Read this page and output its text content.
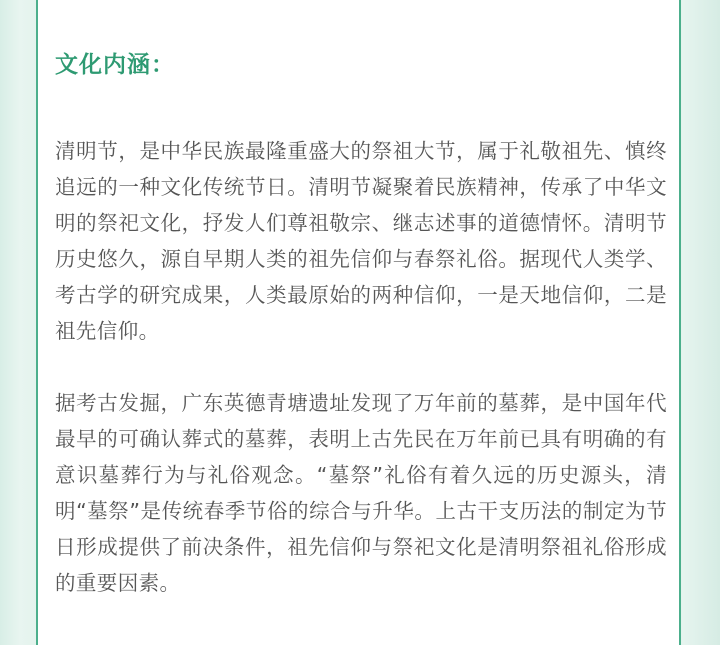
文化内涵：

清明节，是中华民族最隆重盛大的祭祖大节，属于礼敬祖先、慎终追远的一种文化传统节日。清明节凝聚着民族精神，传承了中华文明的祭祀文化，抒发人们尊祖敬宗、继志述事的道德情怀。清明节历史悠久，源自早期人类的祖先信仰与春祭礼俗。据现代人类学、考古学的研究成果，人类最原始的两种信仰，一是天地信仰，二是祖先信仰。

据考古发掘，广东英德青塘遗址发现了万年前的墓葬，是中国年代最早的可确认葬式的墓葬，表明上古先民在万年前已具有明确的有意识墓葬行为与礼俗观念。“墓祭”礼俗有着久远的历史源头，清明“墓祭”是传统春季节俗的综合与升华。上古干支历法的制定为节日形成提供了前决条件，祖先信仰与祭祀文化是清明祭祖礼俗形成的重要因素。
